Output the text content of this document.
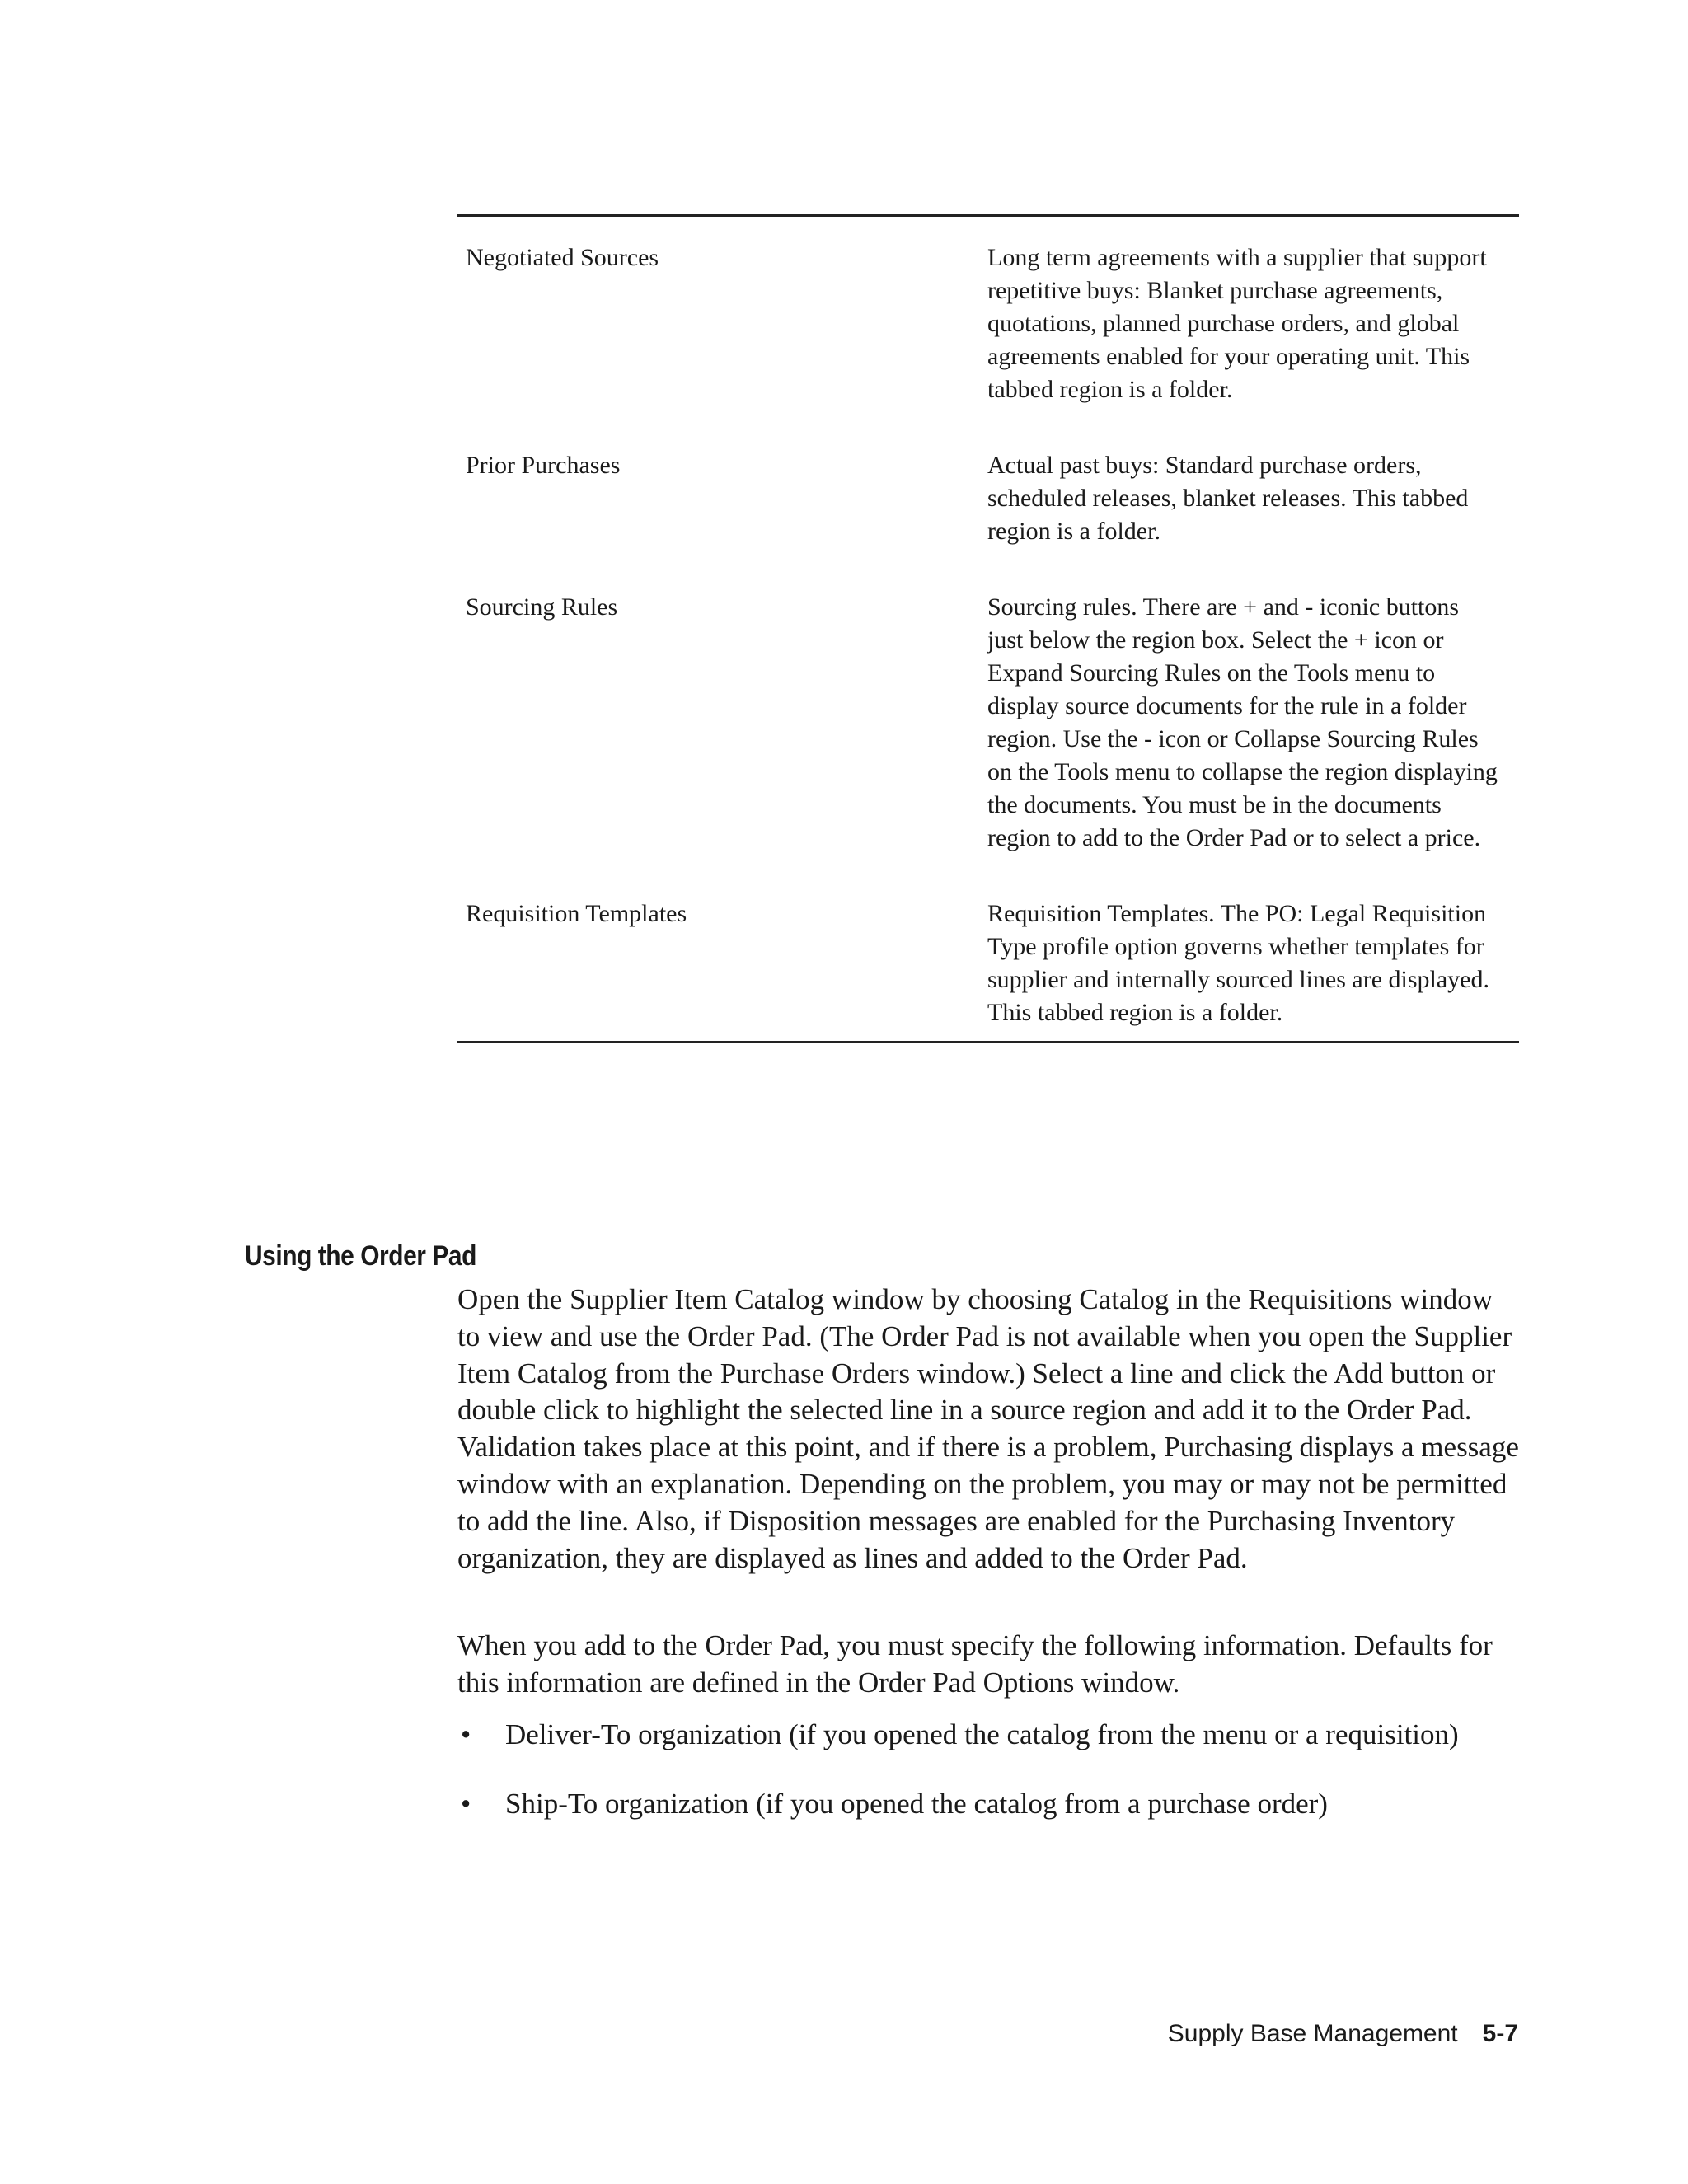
Negotiated Sources	Long term agreements with a supplier that support repetitive buys: Blanket purchase agreements, quotations, planned purchase orders, and global agreements enabled for your operating unit. This tabbed region is a folder.
Prior Purchases	Actual past buys: Standard purchase orders, scheduled releases, blanket releases. This tabbed region is a folder.
Sourcing Rules	Sourcing rules. There are + and - iconic buttons just below the region box. Select the + icon or Expand Sourcing Rules on the Tools menu to display source documents for the rule in a folder region. Use the - icon or Collapse Sourcing Rules on the Tools menu to collapse the region displaying the documents. You must be in the documents region to add to the Order Pad or to select a price.
Requisition Templates	Requisition Templates. The PO: Legal Requisition Type profile option governs whether templates for supplier and internally sourced lines are displayed. This tabbed region is a folder.
Using the Order Pad

Open the Supplier Item Catalog window by choosing Catalog in the Requisitions window to view and use the Order Pad. (The Order Pad is not available when you open the Supplier Item Catalog from the Purchase Orders window.) Select a line and click the Add button or double click to highlight the selected line in a source region and add it to the Order Pad. Validation takes place at this point, and if there is a problem, Purchasing displays a message window with an explanation. Depending on the problem, you may or may not be permitted to add the line. Also, if Disposition messages are enabled for the Purchasing Inventory organization, they are displayed as lines and added to the Order Pad.

When you add to the Order Pad, you must specify the following information. Defaults for this information are defined in the Order Pad Options window.

•	Deliver-To organization (if you opened the catalog from the menu or a requisition)
•	Ship-To organization (if you opened the catalog from a purchase order)
Supply Base Management 5-7
